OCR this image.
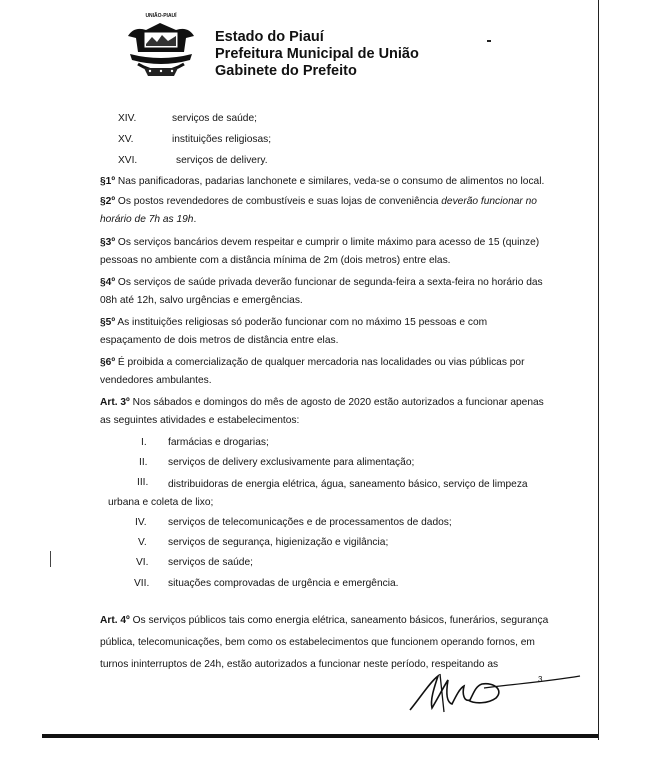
UNIÃO-PIAUÍ
Estado do Piauí
Prefeitura Municipal de União
Gabinete do Prefeito
XIV.	serviços de saúde;
XV.	instituições religiosas;
XVI.	serviços de delivery.
§1º Nas panificadoras, padarias lanchonete e similares, veda-se o consumo de alimentos no local.
§2º Os postos revendedores de combustíveis e suas lojas de conveniência deverão funcionar no
horário de 7h as 19h.
§3º Os serviços bancários devem respeitar e cumprir o limite máximo para acesso de 15 (quinze)
pessoas no ambiente com a distância mínima de 2m (dois metros) entre elas.
§4º Os serviços de saúde privada deverão funcionar de segunda-feira a sexta-feira no horário das
08h até 12h, salvo urgências e emergências.
§5º As instituições religiosas só poderão funcionar com no máximo 15 pessoas e com
espaçamento de dois metros de distância entre elas.
§6º É proibida a comercialização de qualquer mercadoria nas localidades ou vias públicas por
vendedores ambulantes.
Art. 3º Nos sábados e domingos do mês de agosto de 2020 estão autorizados a funcionar apenas
as seguintes atividades e estabelecimentos:
I. farmácias e drogarias;
II. serviços de delivery exclusivamente para alimentação;
III. distribuidoras de energia elétrica, água, saneamento básico, serviço de limpeza
urbana e coleta de lixo;
IV. serviços de telecomunicações e de processamentos de dados;
V. serviços de segurança, higienização e vigilância;
VI. serviços de saúde;
VII. situações comprovadas de urgência e emergência.
Art. 4º Os serviços públicos tais como energia elétrica, saneamento básicos, funerários, segurança
pública, telecomunicações, bem como os estabelecimentos que funcionem operando fornos, em
turnos ininterruptos de 24h, estão autorizados a funcionar neste período, respeitando as
3
